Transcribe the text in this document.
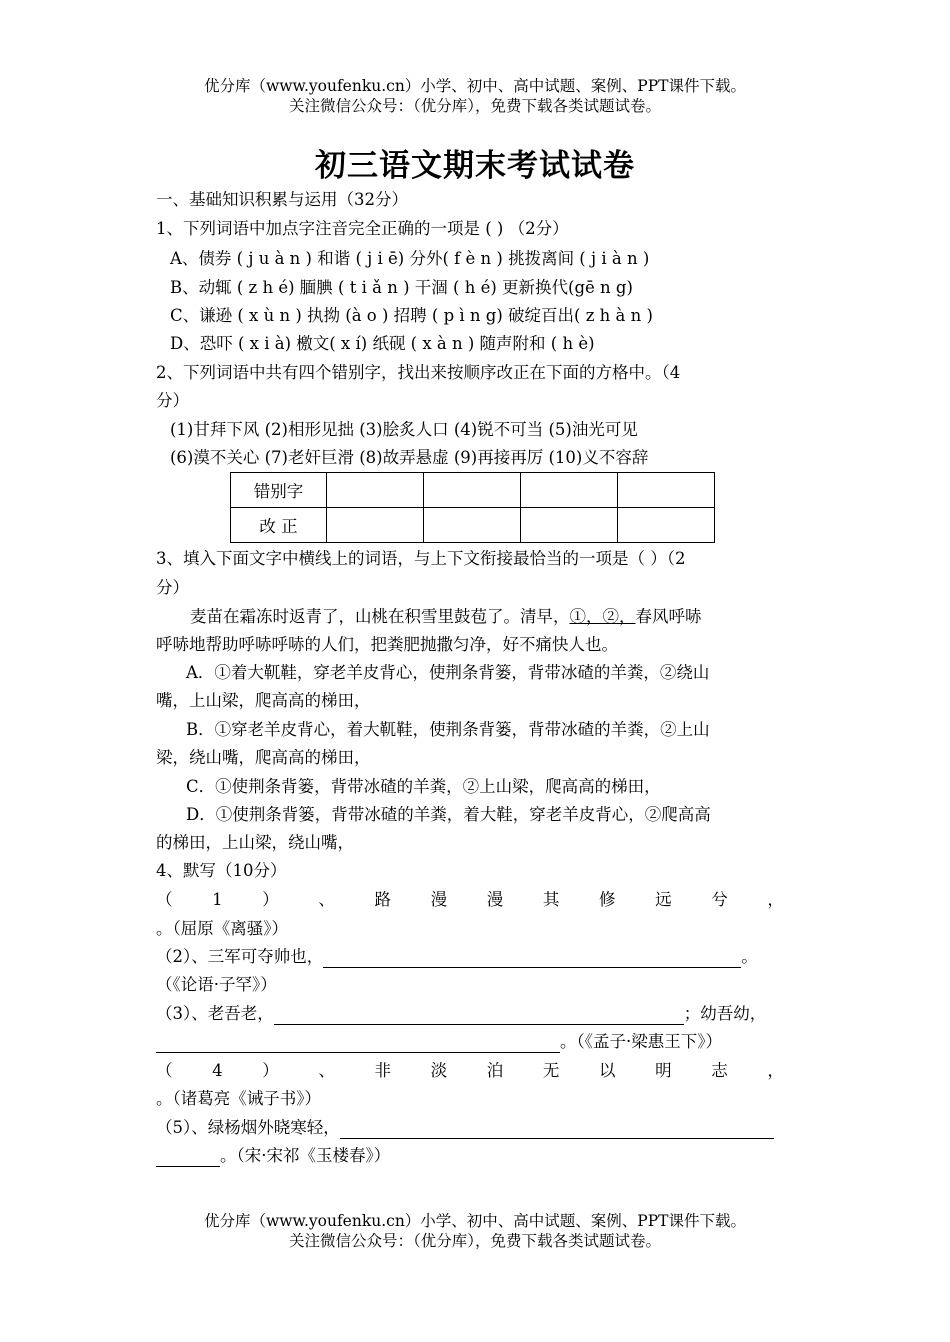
优分库（www.youfenku.cn）小学、初中、高中试题、案例、PPT课件下载。
关注微信公众号：（优分库），免费下载各类试题试卷。
初三语文期末考试试卷
一、基础知识积累与运用（32分）
1、下列词语中加点字注音完全正确的一项是 ( ) （2分）
A、债券 ( j u à n ) 和谐 ( j i ē) 分外( f è n ) 挑拨离间 ( j i à n )
B、动辄 ( z h é) 腼腆 ( t i ǎ n ) 干涸 ( h é) 更新换代(gē n g)
C、谦逊 ( x ù n ) 执拗 (à o ) 招聘 ( p ì n g) 破绽百出( z h à n )
D、恐吓 ( x i à) 檄文( x í) 纸砚 ( x à n ) 随声附和 ( h è)
2、下列词语中共有四个错别字，找出来按顺序改正在下面的方格中。（4
分）
(1)甘拜下风 (2)相形见拙 (3)脍炙人口 (4)锐不可当 (5)油光可见
(6)漠不关心 (7)老奸巨滑 (8)故弄悬虚 (9)再接再厉 (10)义不容辞
错别字				
改 正				
3、填入下面文字中横线上的词语，与上下文衔接最恰当的一项是（ ）（2
分）
麦苗在霜冻时返青了，山桃在积雪里鼓苞了。清早，①，②，春风呼哧
呼哧地帮助呼哧呼哧的人们，把粪肥抛撒匀净，好不痛快人也。
A．①着大靰鞋，穿老羊皮背心，使荆条背篓，背带冰碴的羊粪，②绕山
嘴，上山梁，爬高高的梯田，
B．①穿老羊皮背心，着大靰鞋，使荆条背篓，背带冰碴的羊粪，②上山
梁，绕山嘴，爬高高的梯田，
C．①使荆条背篓，背带冰碴的羊粪，②上山梁，爬高高的梯田，
D．①使荆条背篓，背带冰碴的羊粪，着大鞋，穿老羊皮背心，②爬高高
的梯田，上山梁，绕山嘴，
4、默写（10分）
（ 1 ） 、 路 漫 漫 其 修 远 兮 ，
。（屈原《离骚》）
（2）、三军可夺帅也，	。
（《论语·子罕》）
（3）、老吾老，	；幼吾幼，
。（《孟子·梁惠王下》）
（ 4 ） 、 非 淡 泊 无 以 明 志 ，
。（诸葛亮《诫子书》）
（5）、绿杨烟外晓寒轻，
。（宋·宋祁《玉楼春》）
优分库（www.youfenku.cn）小学、初中、高中试题、案例、PPT课件下载。
关注微信公众号：（优分库），免费下载各类试题试卷。
